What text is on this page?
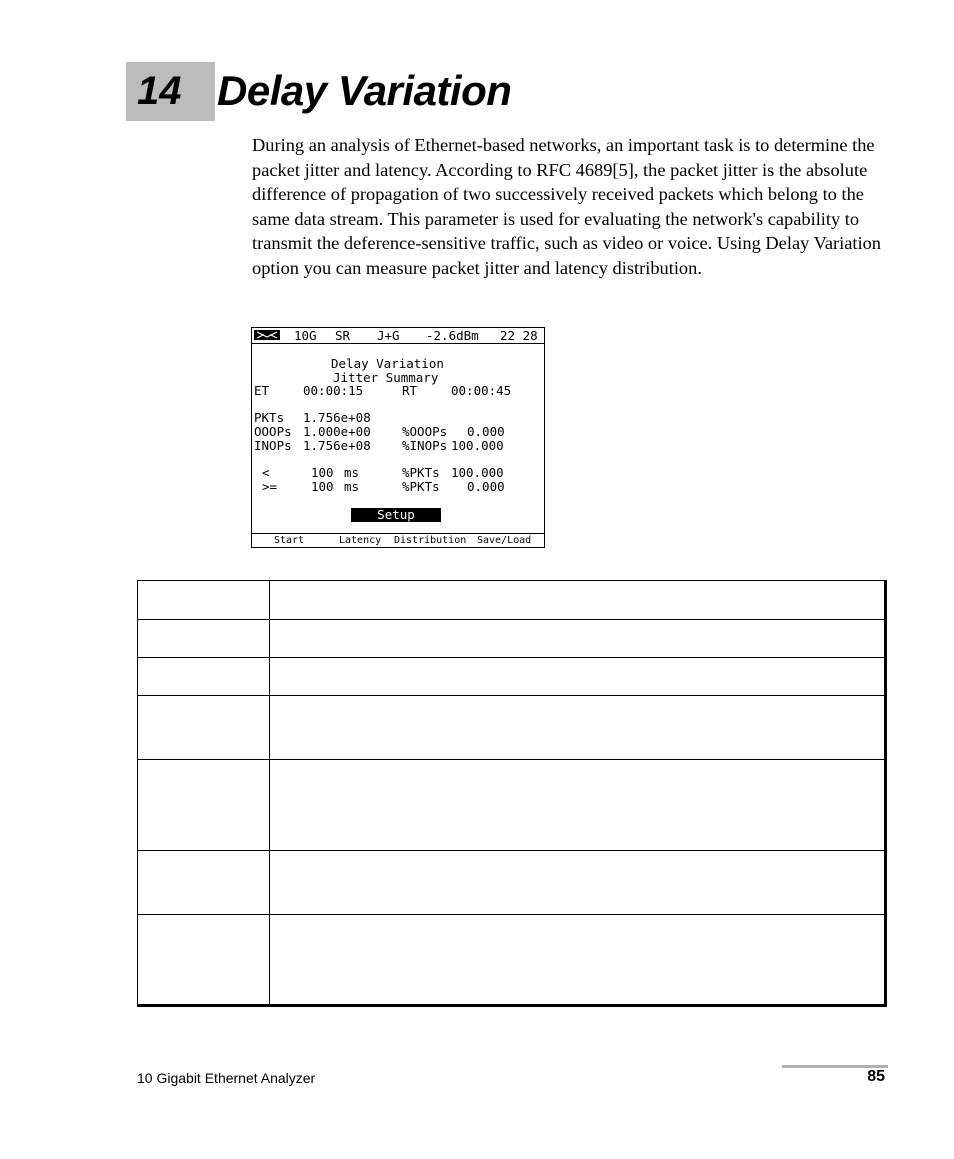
14 Delay Variation

During an analysis of Ethernet-based networks, an important task is to determine the packet jitter and latency. According to RFC 4689[5], the packet jitter is the absolute difference of propagation of two successively received packets which belong to the same data stream. This parameter is used for evaluating the network's capability to transmit the deference-sensitive traffic, such as video or voice. Using Delay Variation option you can measure packet jitter and latency distribution.

10G SR J+G -2.6dBm 22 28
Delay Variation
Jitter Summary
ET	00:00:15	RT	00:00:45
PKTs 1.756e+08
OOOPs 1.000e+00	%OOOPs 0.000
INOPs 1.756e+08	%INOPs 100.000
<	100 ms	%PKTs 100.000
>=	100 ms	%PKTs 0.000
Setup
Start	Latency Distribution Save/Load

10 Gigabit Ethernet Analyzer	85
